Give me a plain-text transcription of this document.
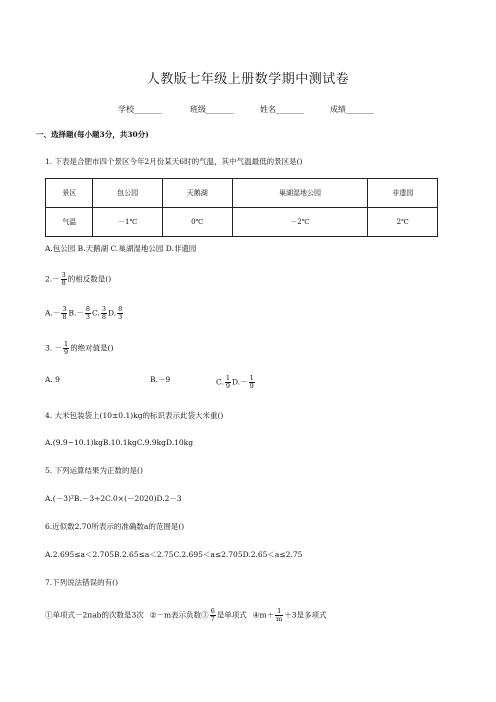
人教版七年级上册数学期中测试卷
学校_______	班级_______	姓名_______	成绩_______
一、选择题(每小题3分，共30分)
1. 下表是合肥市四个景区今年2月份某天6时的气温，其中气温最低的景区是()
景区	包公园	天鹅湖	巢湖湿地公园	非遗园
气温	－1℃	0℃	－2℃	2℃
A.包公园 B.天鹅湖 C.巢湖湿地公园 D.非遗园
$2.- \frac{3}{8}$ 的相反数是()
$A.- \frac{3}{8} B.- \frac{8}{3} C$. $\frac{3}{8} D$. $\frac{8}{3}$
3. － $\frac{1}{9}$ 的绝对值是()
A. 9	B.－9	C. $\frac{1}{9} D.- \frac{1}{9}$
4. 大米包装袋上(10±0.1)kg的标识表示此袋大米重()
A.(9.9~10.1)kgB.10.1kgC.9.9kgD.10kg
5. 下列运算结果为正数的是()
A.(－3)²B.－3÷2C.0×(－2020)D.2－3
6.近似数2.70所表示的准确数a的范围是()
A.2.695≤a＜2.705B.2.65≤a＜2.75C.2.695＜a≤2.705D.2.65＜a≤2.75
7.下列说法错误的有()
①单项式－2πab的次数是3次 ②－m表示负数③ $\frac{6}{7}$ 是单项式 ④m＋ $\frac{1}{m} +3$是多项式
